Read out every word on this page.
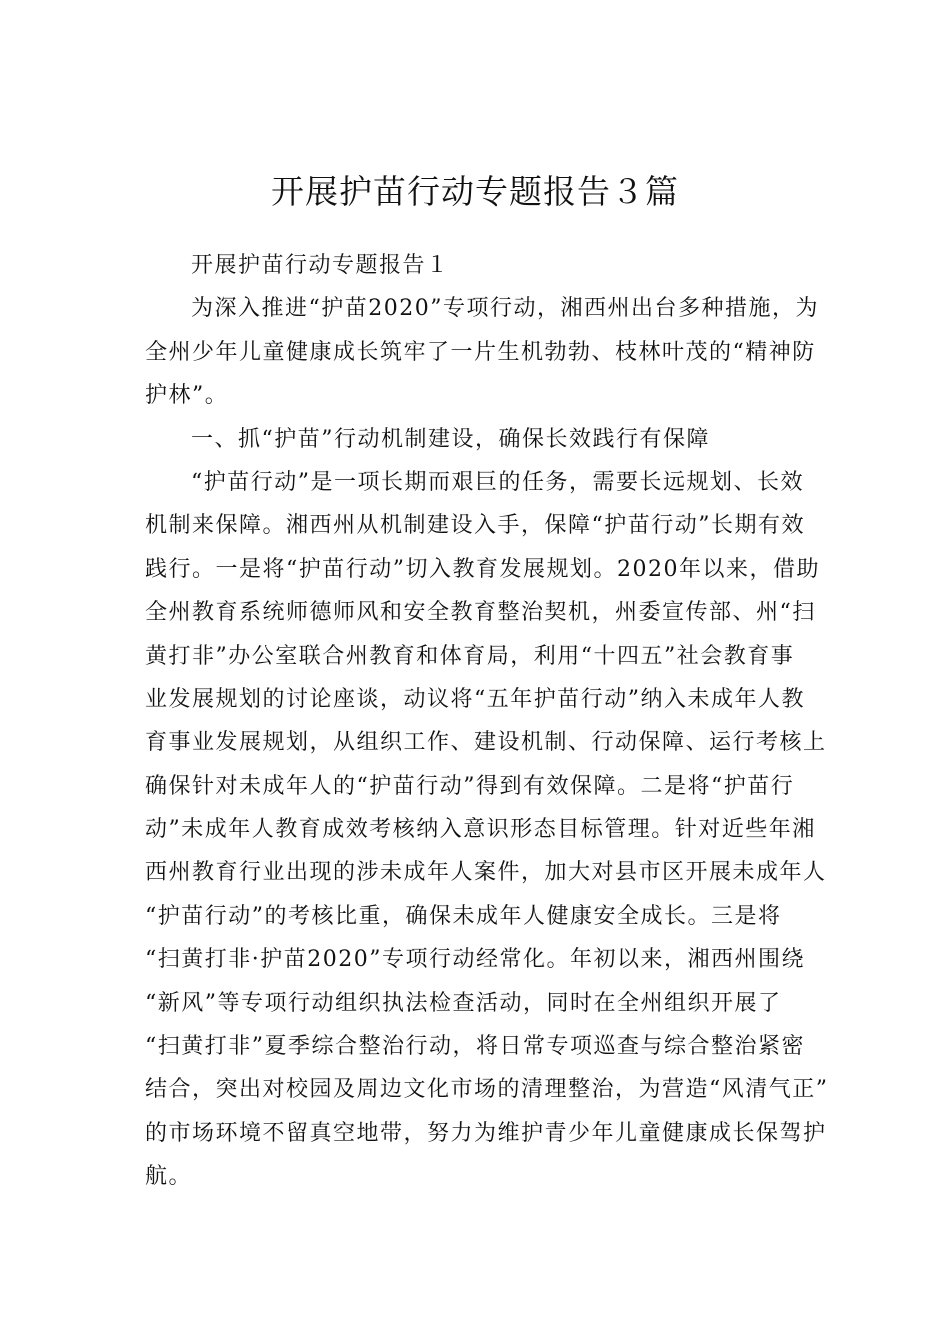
开展护苗行动专题报告３篇
开展护苗行动专题报告１
为深入推进“护苗2020”专项行动，湘西州出台多种措施，为
全州少年儿童健康成长筑牢了一片生机勃勃、枝林叶茂的“精神防
护林”。
一、抓“护苗”行动机制建设，确保长效践行有保障
“护苗行动”是一项长期而艰巨的任务，需要长远规划、长效
机制来保障。湘西州从机制建设入手，保障“护苗行动”长期有效
践行。一是将“护苗行动”切入教育发展规划。2020年以来，借助
全州教育系统师德师风和安全教育整治契机，州委宣传部、州“扫
黄打非”办公室联合州教育和体育局，利用“十四五”社会教育事
业发展规划的讨论座谈，动议将“五年护苗行动”纳入未成年人教
育事业发展规划，从组织工作、建设机制、行动保障、运行考核上
确保针对未成年人的“护苗行动”得到有效保障。二是将“护苗行
动”未成年人教育成效考核纳入意识形态目标管理。针对近些年湘
西州教育行业出现的涉未成年人案件，加大对县市区开展未成年人
“护苗行动”的考核比重，确保未成年人健康安全成长。三是将
“扫黄打非·护苗2020”专项行动经常化。年初以来，湘西州围绕
“新风”等专项行动组织执法检查活动，同时在全州组织开展了
“扫黄打非”夏季综合整治行动，将日常专项巡查与综合整治紧密
结合，突出对校园及周边文化市场的清理整治，为营造“风清气正”
的市场环境不留真空地带，努力为维护青少年儿童健康成长保驾护
航。
